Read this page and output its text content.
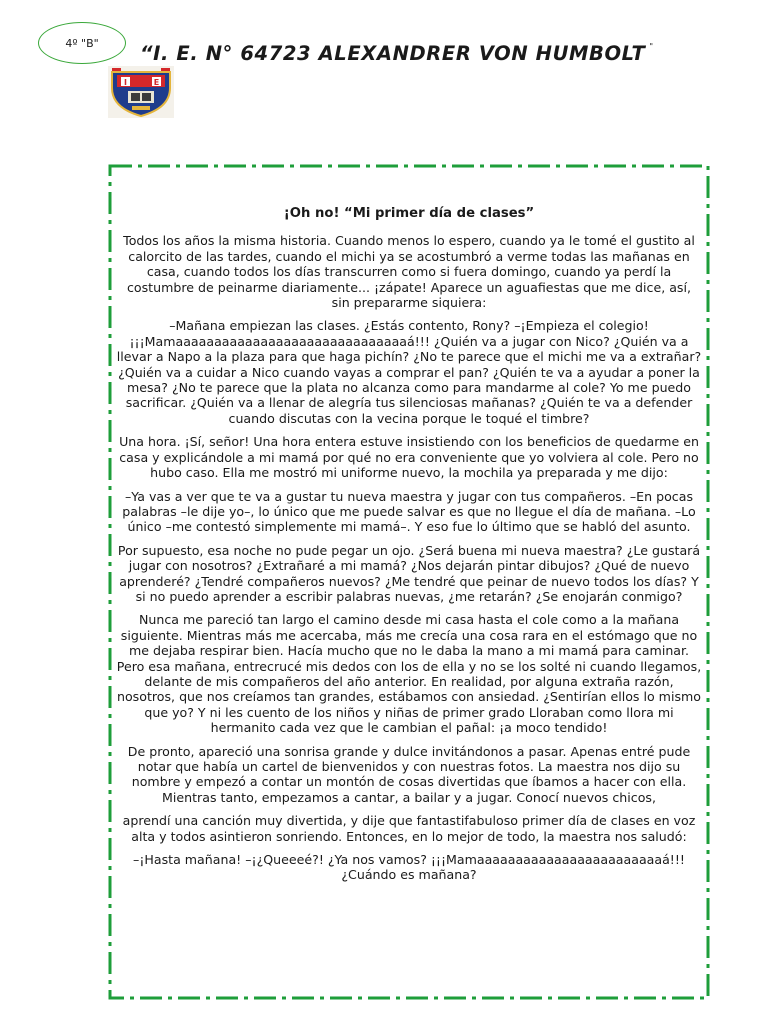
4º "B" “I. E. N° 64723 ALEXANDRER VON HUMBOLT "
I	E
¡Oh no! “Mi primer día de clases”

Todos los años la misma historia. Cuando menos lo espero, cuando ya le tomé el gustito al calorcito de las tardes, cuando el michi ya se acostumbró a verme todas las mañanas en casa, cuando todos los días transcurren como si fuera domingo, cuando ya perdí la costumbre de peinarme diariamente... ¡zápate! Aparece un aguafiestas que me dice, así, sin prepararme siquiera:

–Mañana empiezan las clases. ¿Estás contento, Rony? –¡Empieza el colegio! ¡¡¡Mamaaaaaaaaaaaaaaaaaaaaaaaaaaaaaaá!!! ¿Quién va a jugar con Nico? ¿Quién va a llevar a Napo a la plaza para que haga pichín? ¿No te parece que el michi me va a extrañar? ¿Quién va a cuidar a Nico cuando vayas a comprar el pan? ¿Quién te va a ayudar a poner la mesa? ¿No te parece que la plata no alcanza como para mandarme al cole? Yo me puedo sacrificar. ¿Quién va a llenar de alegría tus silenciosas mañanas? ¿Quién te va a defender cuando discutas con la vecina porque le toqué el timbre?

Una hora. ¡Sí, señor! Una hora entera estuve insistiendo con los beneficios de quedarme en casa y explicándole a mi mamá por qué no era conveniente que yo volviera al cole. Pero no hubo caso. Ella me mostró mi uniforme nuevo, la mochila ya preparada y me dijo:

–Ya vas a ver que te va a gustar tu nueva maestra y jugar con tus compañeros. –En pocas palabras –le dije yo–, lo único que me puede salvar es que no llegue el día de mañana. –Lo único –me contestó simplemente mi mamá–. Y eso fue lo último que se habló del asunto.

Por supuesto, esa noche no pude pegar un ojo. ¿Será buena mi nueva maestra? ¿Le gustará jugar con nosotros? ¿Extrañaré a mi mamá? ¿Nos dejarán pintar dibujos? ¿Qué de nuevo aprenderé? ¿Tendré compañeros nuevos? ¿Me tendré que peinar de nuevo todos los días? Y si no puedo aprender a escribir palabras nuevas, ¿me retarán? ¿Se enojarán conmigo?

Nunca me pareció tan largo el camino desde mi casa hasta el cole como a la mañana siguiente. Mientras más me acercaba, más me crecía una cosa rara en el estómago que no me dejaba respirar bien. Hacía mucho que no le daba la mano a mi mamá para caminar. Pero esa mañana, entrecrucé mis dedos con los de ella y no se los solté ni cuando llegamos, delante de mis compañeros del año anterior. En realidad, por alguna extraña razón, nosotros, que nos creíamos tan grandes, estábamos con ansiedad. ¿Sentirían ellos lo mismo que yo? Y ni les cuento de los niños y niñas de primer grado Lloraban como llora mi hermanito cada vez que le cambian el pañal: ¡a moco tendido!

De pronto, apareció una sonrisa grande y dulce invitándonos a pasar. Apenas entré pude notar que había un cartel de bienvenidos y con nuestras fotos. La maestra nos dijo su nombre y empezó a contar un montón de cosas divertidas que íbamos a hacer con ella. Mientras tanto, empezamos a cantar, a bailar y a jugar. Conocí nuevos chicos,

aprendí una canción muy divertida, y dije que fantastifabuloso primer día de clases en voz alta y todos asintieron sonriendo. Entonces, en lo mejor de todo, la maestra nos saludó:

–¡Hasta mañana! –¡¿Queeeé?! ¿Ya nos vamos? ¡¡¡Mamaaaaaaaaaaaaaaaaaaaaaaaaá!!! ¿Cuándo es mañana?
